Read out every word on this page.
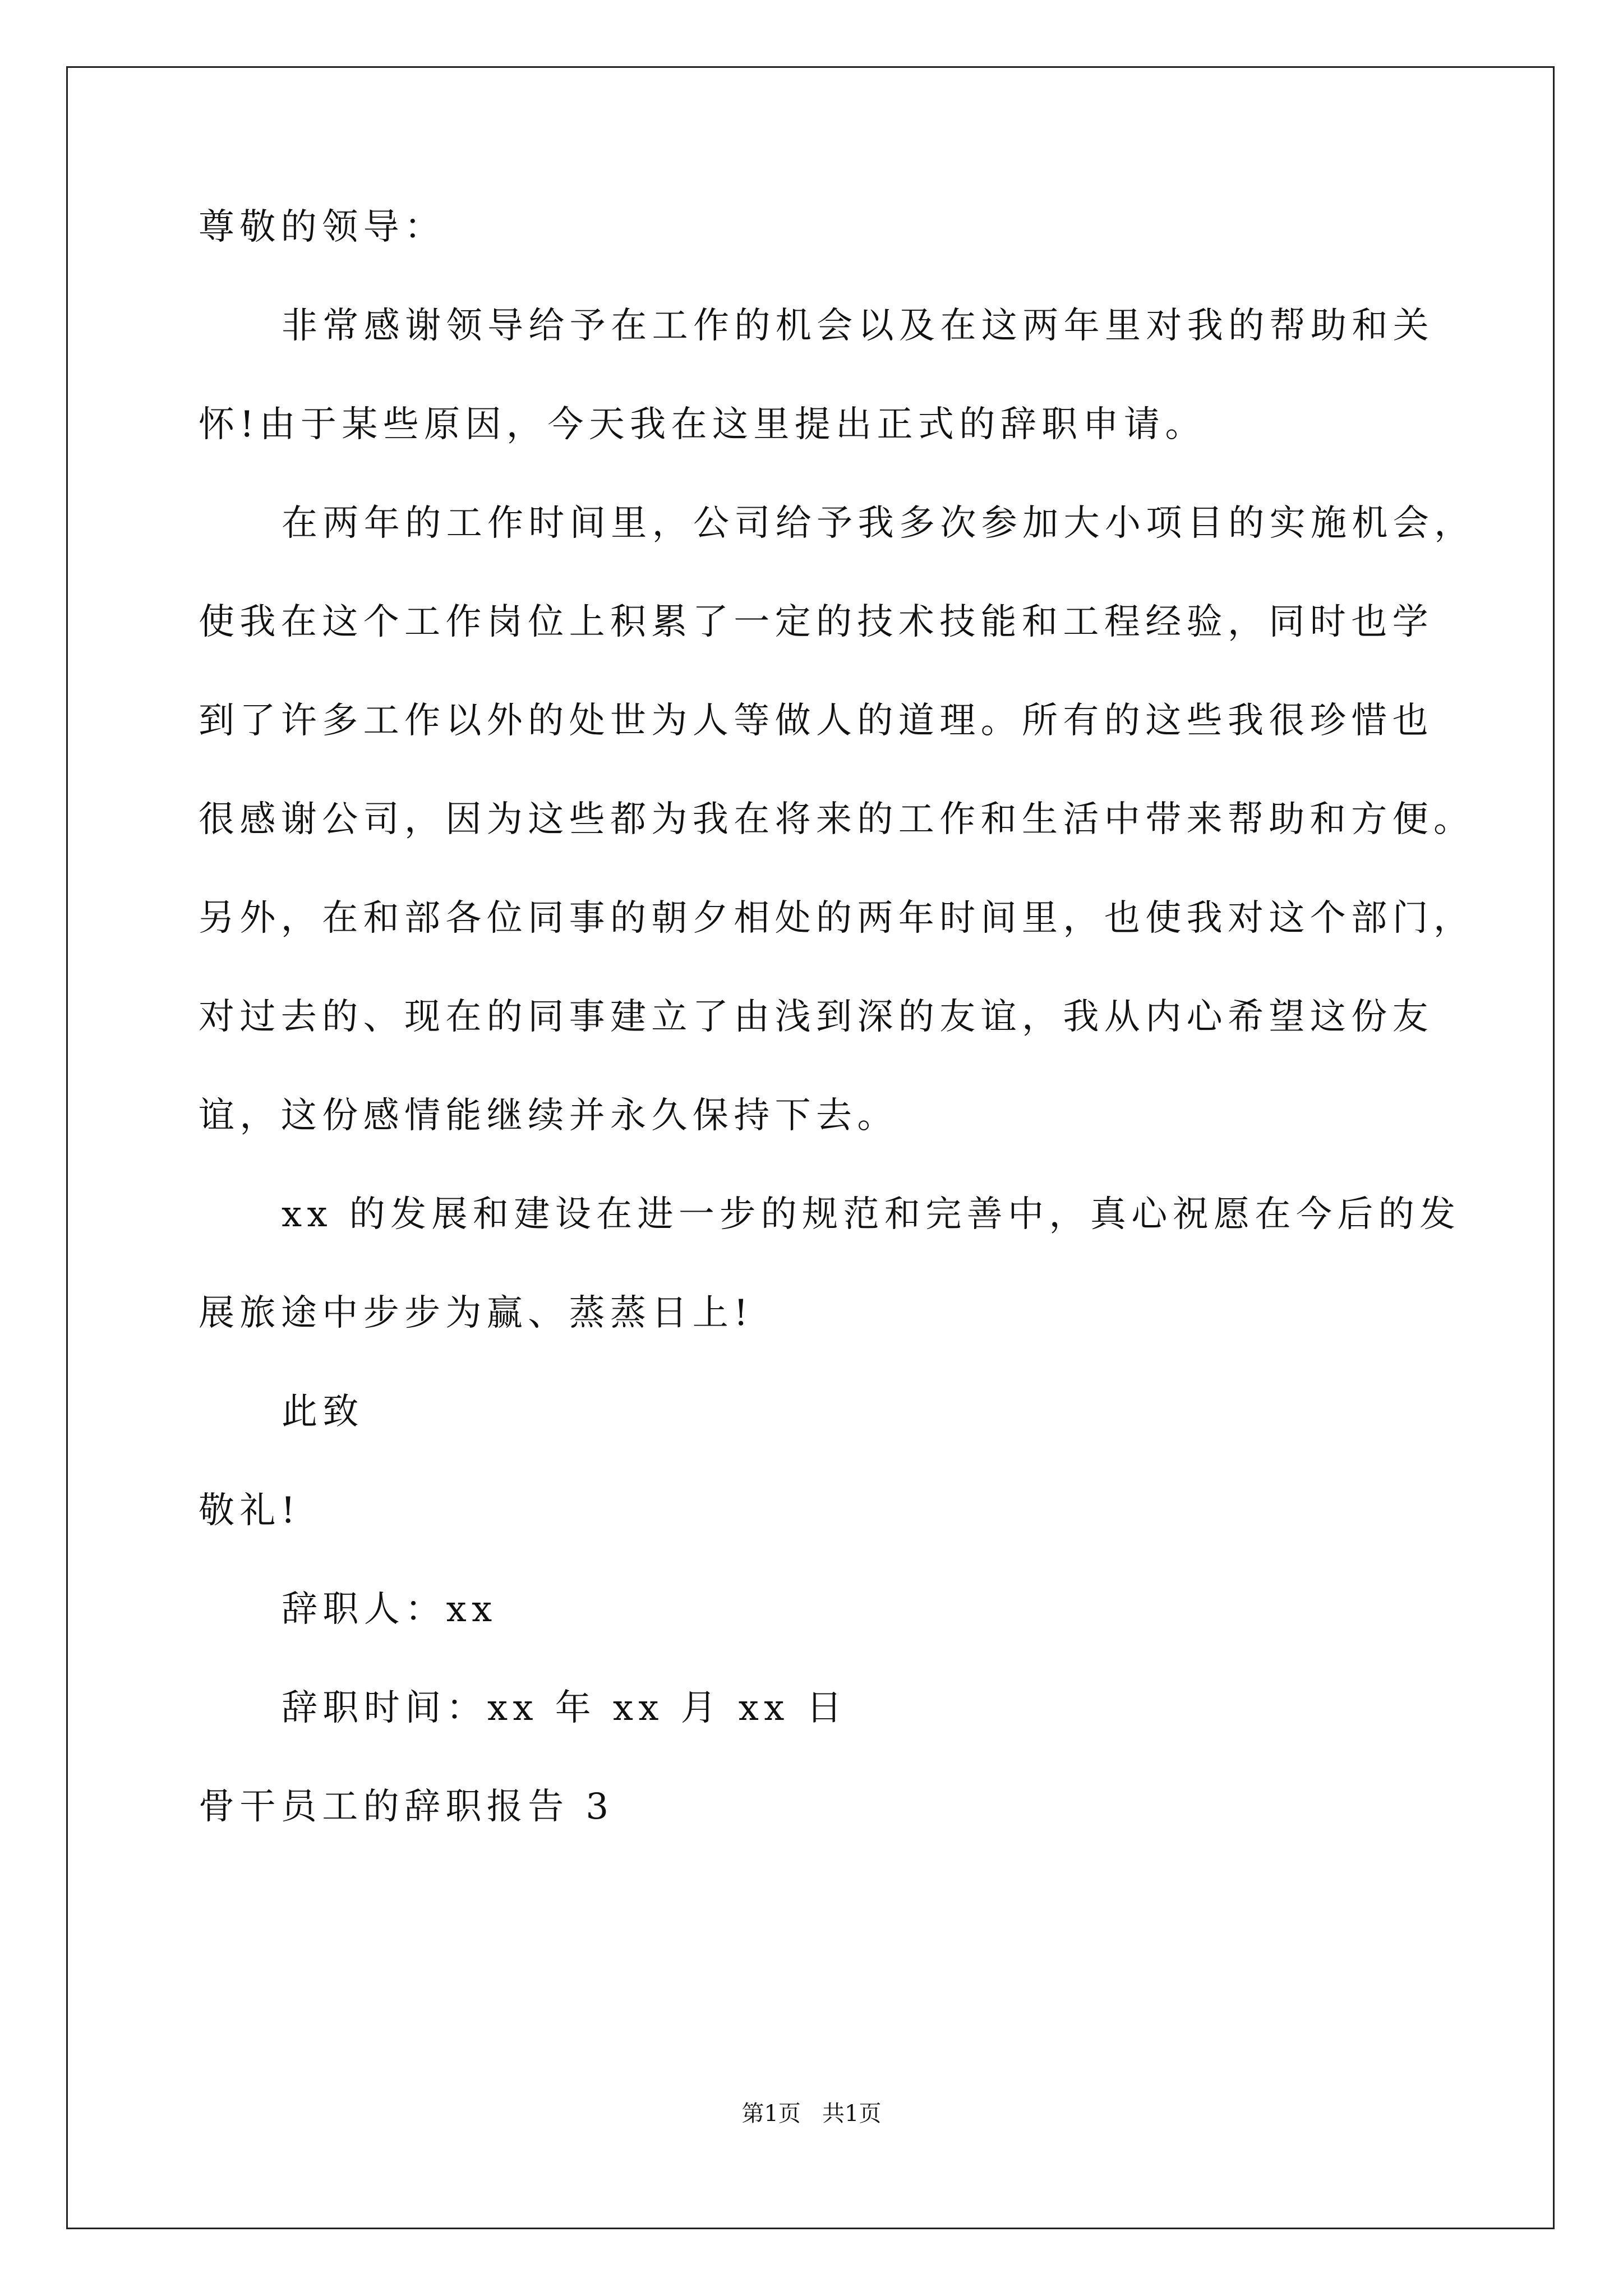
尊敬的领导：
非常感谢领导给予在工作的机会以及在这两年里对我的帮助和关
怀!由于某些原因，今天我在这里提出正式的辞职申请。
在两年的工作时间里，公司给予我多次参加大小项目的实施机会，
使我在这个工作岗位上积累了一定的技术技能和工程经验，同时也学
到了许多工作以外的处世为人等做人的道理。所有的这些我很珍惜也
很感谢公司，因为这些都为我在将来的工作和生活中带来帮助和方便。
另外，在和部各位同事的朝夕相处的两年时间里，也使我对这个部门，
对过去的、现在的同事建立了由浅到深的友谊，我从内心希望这份友
谊，这份感情能继续并永久保持下去。
xx 的发展和建设在进一步的规范和完善中，真心祝愿在今后的发
展旅途中步步为赢、蒸蒸日上!
此致
敬礼!
辞职人：xx
辞职时间：xx 年 xx 月 xx 日
骨干员工的辞职报告 3
第1页   共1页
